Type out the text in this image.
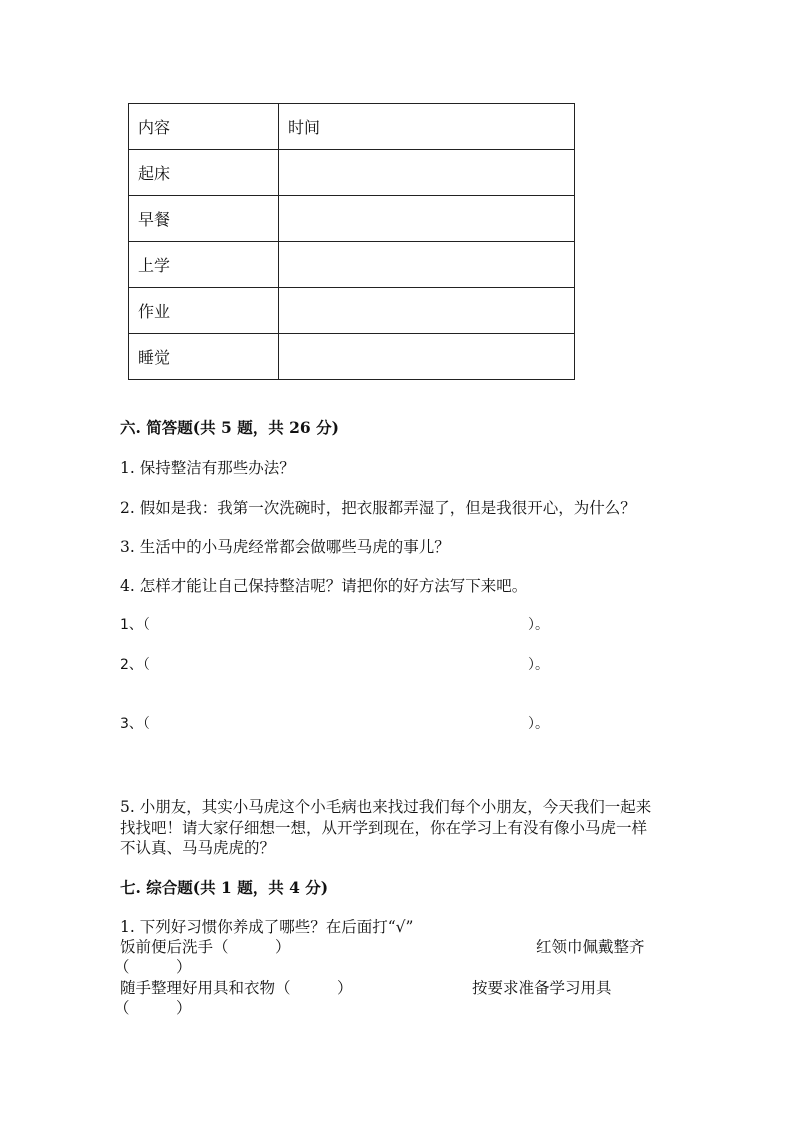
内容	时间
起床	
早餐	
上学	
作业	
睡觉	
六. 简答题(共 5 题，共 26 分)
1. 保持整洁有那些办法？
2. 假如是我：我第一次洗碗时，把衣服都弄湿了，但是我很开心，为什么？
3. 生活中的小马虎经常都会做哪些马虎的事儿？
4. 怎样才能让自己保持整洁呢？请把你的好方法写下来吧。
1、（	）。
2、（	）。
3、（	）。
5. 小朋友，其实小马虎这个小毛病也来找过我们每个小朋友，今天我们一起来
找找吧！请大家仔细想一想，从开学到现在，你在学习上有没有像小马虎一样
不认真、马马虎虎的？
七. 综合题(共 1 题，共 4 分)
1. 下列好习惯你养成了哪些？在后面打“√”
饭前便后洗手（　　　）	红领巾佩戴整齐
（　　　）
随手整理好用具和衣物（　　　）	按要求准备学习用具
（　　　）
